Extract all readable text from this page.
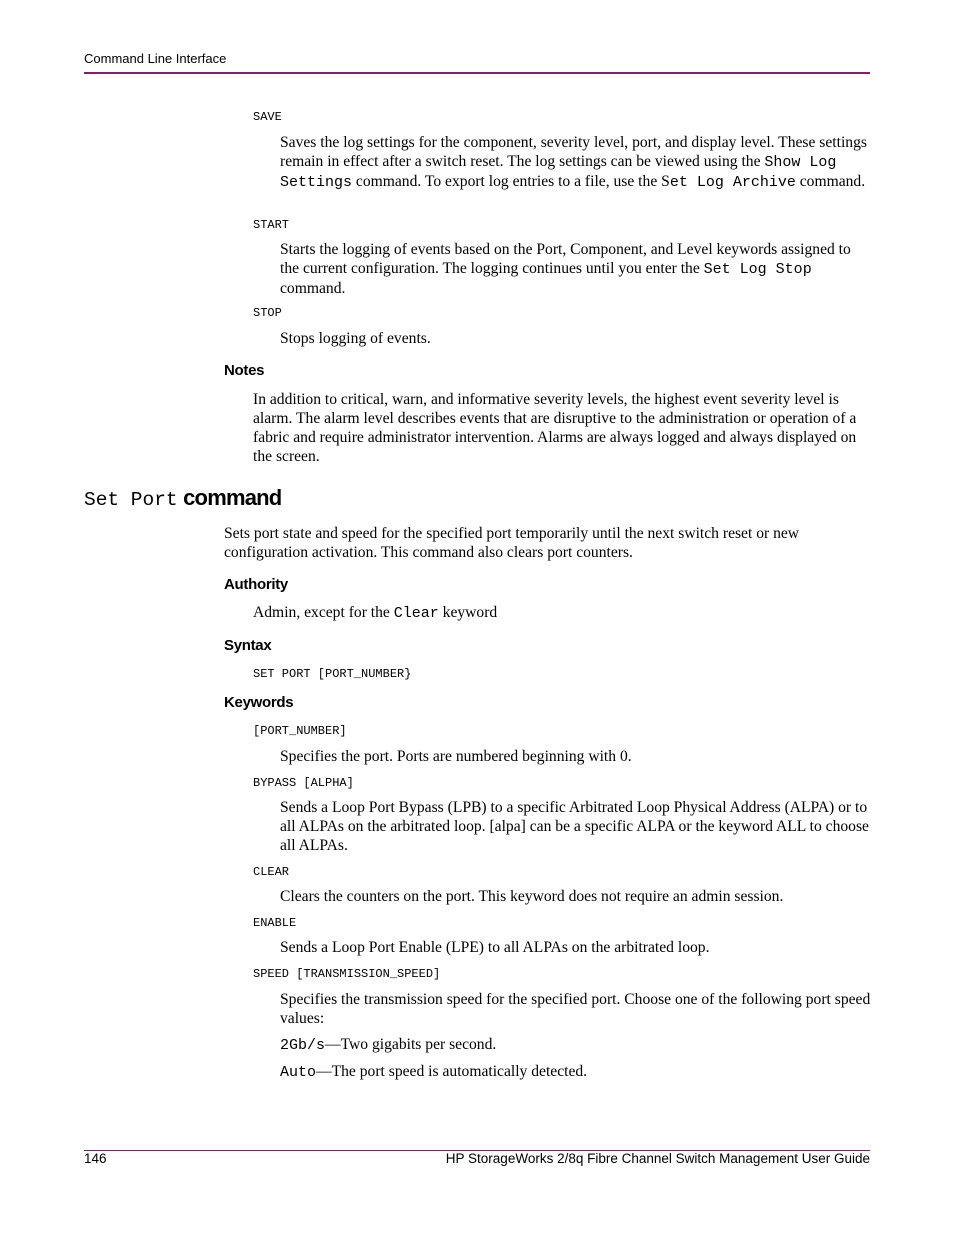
Command Line Interface
SAVE
Saves the log settings for the component, severity level, port, and display level. These settings remain in effect after a switch reset. The log settings can be viewed using the Show Log Settings command. To export log entries to a file, use the Set Log Archive command.
START
Starts the logging of events based on the Port, Component, and Level keywords assigned to the current configuration. The logging continues until you enter the Set Log Stop command.
STOP
Stops logging of events.
Notes
In addition to critical, warn, and informative severity levels, the highest event severity level is alarm. The alarm level describes events that are disruptive to the administration or operation of a fabric and require administrator intervention. Alarms are always logged and always displayed on the screen.
Set Port command
Sets port state and speed for the specified port temporarily until the next switch reset or new configuration activation. This command also clears port counters.
Authority
Admin, except for the Clear keyword
Syntax
SET PORT [PORT_NUMBER}
Keywords
[PORT_NUMBER]
Specifies the port. Ports are numbered beginning with 0.
BYPASS [ALPHA]
Sends a Loop Port Bypass (LPB) to a specific Arbitrated Loop Physical Address (ALPA) or to all ALPAs on the arbitrated loop. [alpa] can be a specific ALPA or the keyword ALL to choose all ALPAs.
CLEAR
Clears the counters on the port. This keyword does not require an admin session.
ENABLE
Sends a Loop Port Enable (LPE) to all ALPAs on the arbitrated loop.
SPEED [TRANSMISSION_SPEED]
Specifies the transmission speed for the specified port. Choose one of the following port speed values:
2Gb/s—Two gigabits per second.
Auto—The port speed is automatically detected.
146	HP StorageWorks 2/8q Fibre Channel Switch Management User Guide
